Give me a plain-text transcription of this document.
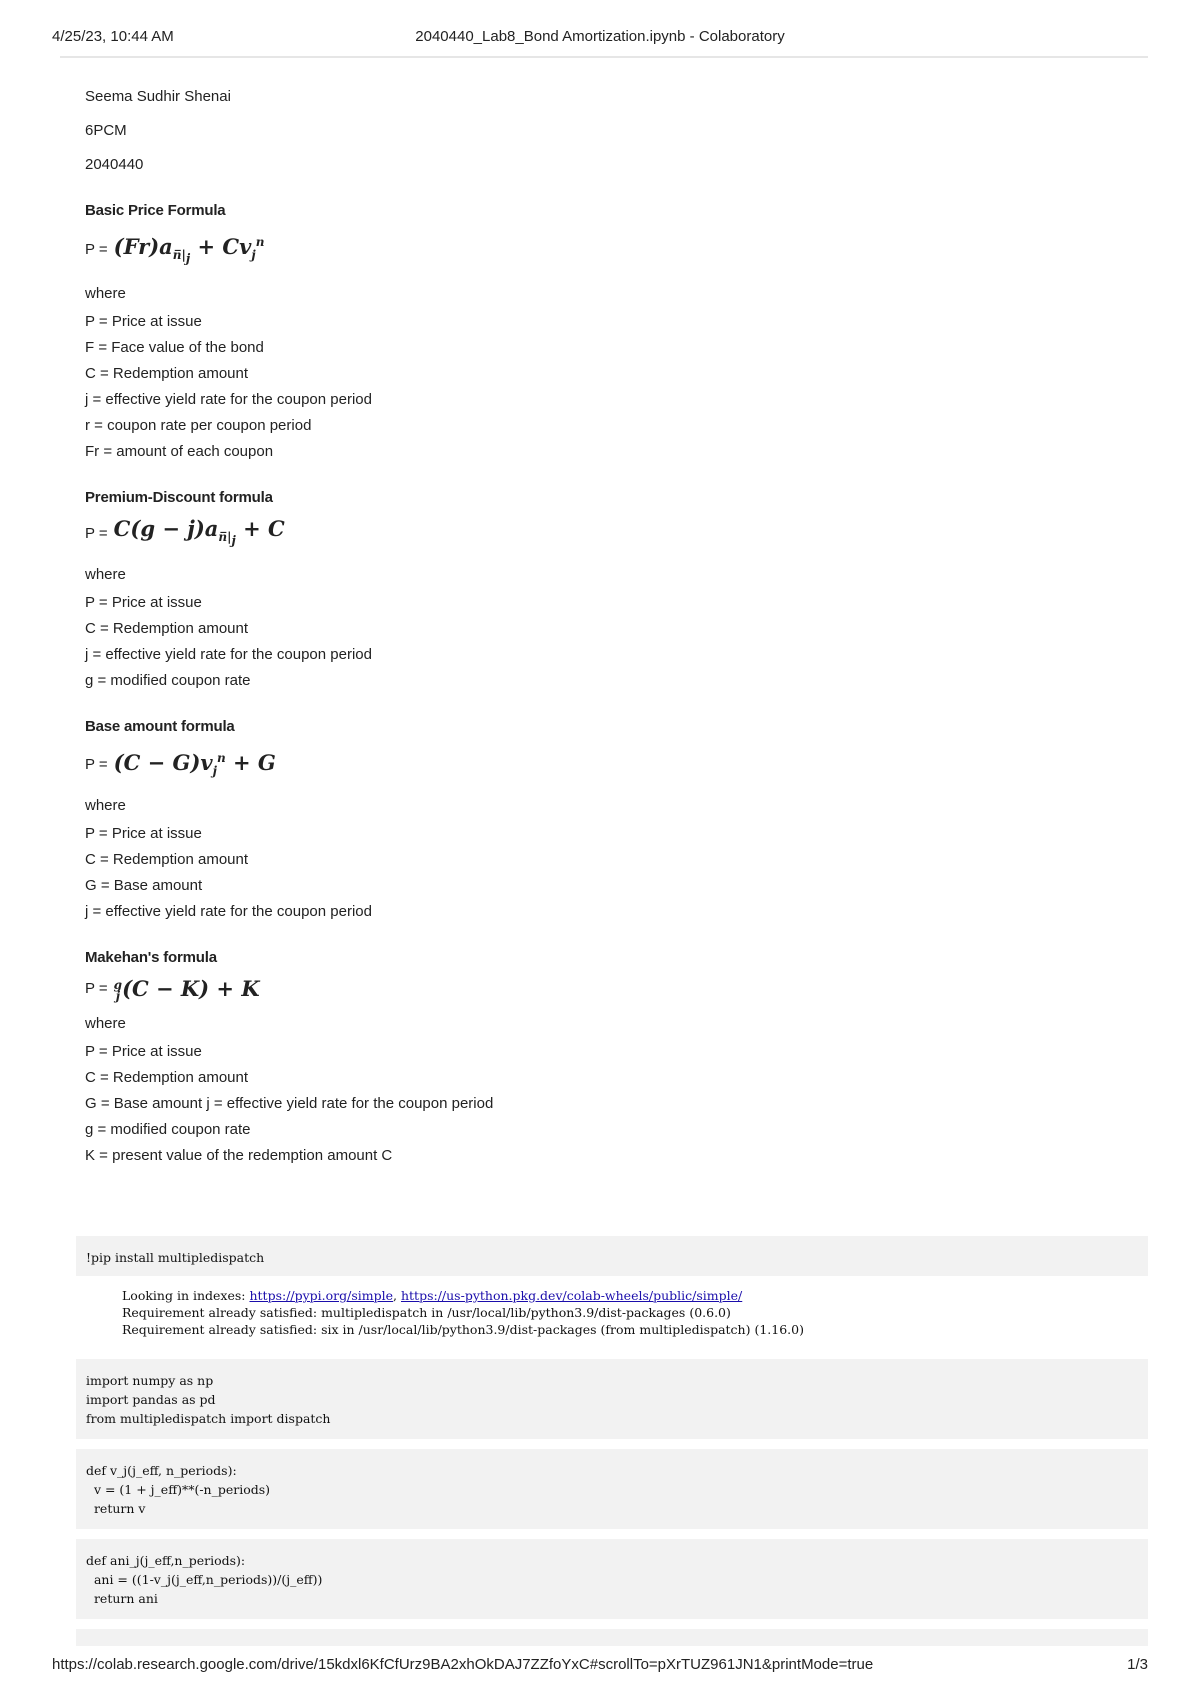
4/25/23, 10:44 AM	2040440_Lab8_Bond Amortization.ipynb - Colaboratory
Seema Sudhir Shenai
6PCM
2040440
Basic Price Formula
$P = (Fr)a_{n̅|_j} + Cv_j^n$
where
P = Price at issue
F = Face value of the bond
C = Redemption amount
j = effective yield rate for the coupon period
r = coupon rate per coupon period
Fr = amount of each coupon
Premium-Discount formula
$P = C(g - j)a_{n̅|_j} + C$
where
P = Price at issue
C = Redemption amount
j = effective yield rate for the coupon period
g = modified coupon rate
Base amount formula
$P = (C - G)v_j^n + G$
where
P = Price at issue
C = Redemption amount
G = Base amount
j = effective yield rate for the coupon period
Makehan's formula
P = g
j (C − K) + K
where
P = Price at issue
C = Redemption amount
G = Base amount j = effective yield rate for the coupon period
g = modified coupon rate
K = present value of the redemption amount C
!pip install multipledispatch
Looking in indexes: https://pypi.org/simple, https://us-python.pkg.dev/colab-wheels/public/simple/
Requirement already satisfied: multipledispatch in /usr/local/lib/python3.9/dist-packages (0.6.0)
Requirement already satisfied: six in /usr/local/lib/python3.9/dist-packages (from multipledispatch) (1.16.0)
import numpy as np
import pandas as pd
from multipledispatch import dispatch
def v_j(j_eff, n_periods):
v = (1 + j_eff)**(-n_periods)
return v
def ani_j(j_eff,n_periods):
ani = ((1-v_j(j_eff,n_periods))/(j_eff))
return ani
https://colab.research.google.com/drive/15kdxl6KfCfUrz9BA2xhOkDAJ7ZZfoYxC#scrollTo=pXrTUZ961JN1&printMode=true	1/3
